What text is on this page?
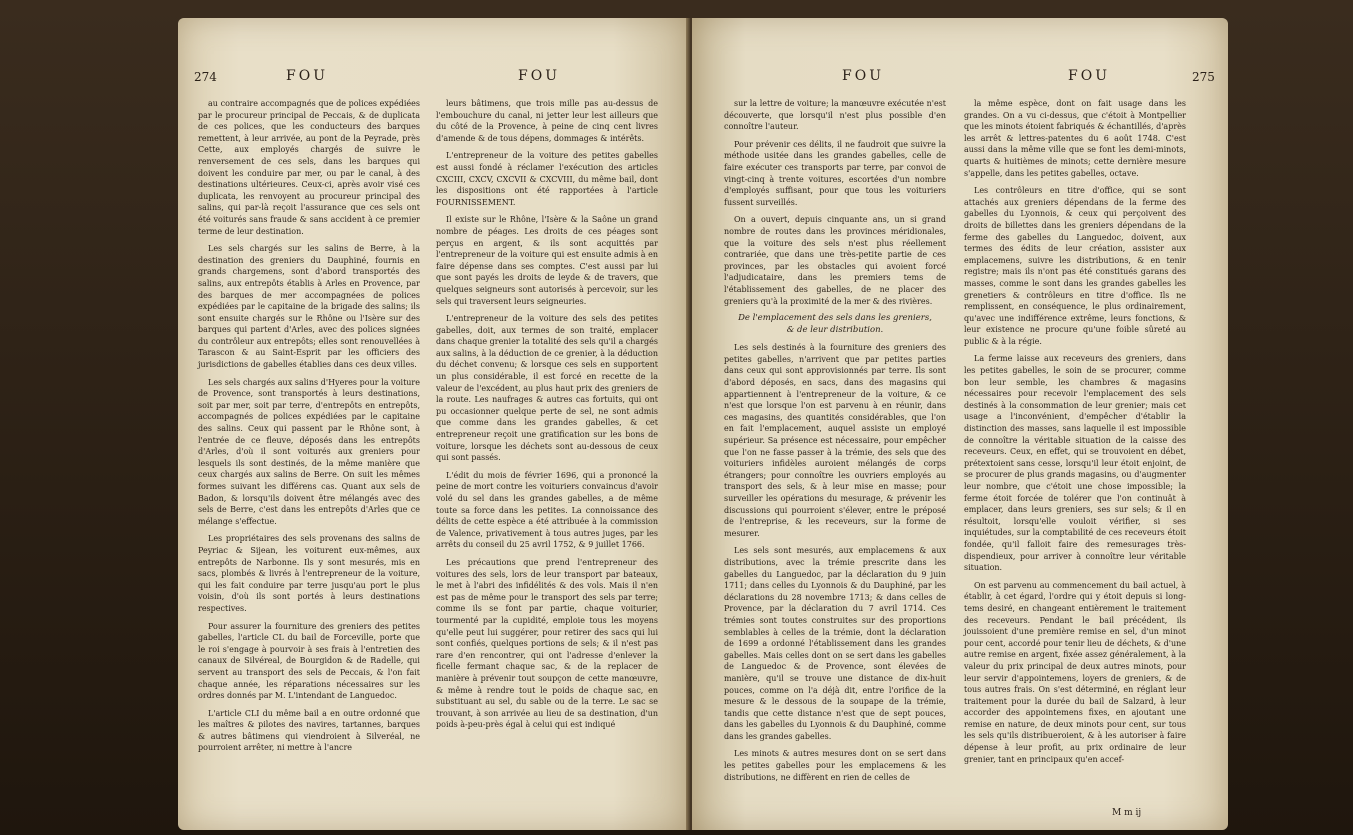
274	FOU	FOU

au contraire accompagnés que de polices expédiées par le procureur principal de Peccais, & de duplicata de ces polices, que les conducteurs des barques remettent, à leur arrivée, au pont de la Peyrade, près Cette, aux employés chargés de suivre le renversement de ces sels, dans les barques qui doivent les conduire par mer, ou par le canal, à des destinations ultérieures. Ceux-ci, après avoir visé ces duplicata, les renvoyent au procureur principal des salins, qui par-là reçoit l'assurance que ces sels ont été voiturés sans fraude & sans accident à ce premier terme de leur destination.

Les sels chargés sur les salins de Berre, à la destination des greniers du Dauphiné, fournis en grands chargemens, sont d'abord transportés des salins, aux entrepôts établis à Arles en Provence, par des barques de mer accompagnées de polices expédiées par le capitaine de la brigade des salins; ils sont ensuite chargés sur le Rhône ou l'Isère sur des barques qui partent d'Arles, avec des polices signées du contrôleur aux entrepôts; elles sont renouvellées à Tarascon & au Saint-Esprit par les officiers des jurisdictions de gabelles établies dans ces deux villes.

Les sels chargés aux salins d'Hyeres pour la voiture de Provence, sont transportés à leurs destinations, soit par mer, soit par terre, d'entrepôts en entrepôts, accompagnés de polices expédiées par le capitaine des salins. Ceux qui passent par le Rhône sont, à l'entrée de ce fleuve, déposés dans les entrepôts d'Arles, d'où il sont voiturés aux greniers pour lesquels ils sont destinés, de la même manière que ceux chargés aux salins de Berre. On suit les mêmes formes suivant les différens cas. Quant aux sels de Badon, & lorsqu'ils doivent être mélangés avec des sels de Berre, c'est dans les entrepôts d'Arles que ce mélange s'effectue.

Les propriétaires des sels provenans des salins de Peyriac & Sijean, les voiturent eux-mêmes, aux entrepôts de Narbonne. Ils y sont mesurés, mis en sacs, plombés & livrés à l'entrepreneur de la voiture, qui les fait conduire par terre jusqu'au port le plus voisin, d'où ils sont portés à leurs destinations respectives.

Pour assurer la fourniture des greniers des petites gabelles, l'article CL du bail de Forceville, porte que le roi s'engage à pourvoir à ses frais à l'entretien des canaux de Silvéreal, de Bourgidon & de Radelle, qui servent au transport des sels de Peccais, & l'on fait chaque année, les réparations nécessaires sur les ordres donnés par M. L'intendant de Languedoc.

L'article CLI du même bail a en outre ordonné que les maîtres & pilotes des navires, tartannes, barques & autres bâtimens qui viendroient à Silveréal, ne pourroient arrêter, ni mettre à l'ancre

leurs bâtimens, que trois mille pas au-dessus de l'embouchure du canal, ni jetter leur lest ailleurs que du côté de la Provence, à peine de cinq cent livres d'amende & de tous dépens, dommages & intérêts.

L'entrepreneur de la voiture des petites gabelles est aussi fondé à réclamer l'exécution des articles CXCIII, CXCV, CXCVII & CXCVIII, du même bail, dont les dispositions ont été rapportées à l'article FOURNISSEMENT.

Il existe sur le Rhône, l'Isère & la Saône un grand nombre de péages. Les droits de ces péages sont perçus en argent, & ils sont acquittés par l'entrepreneur de la voiture qui est ensuite admis à en faire dépense dans ses comptes. C'est aussi par lui que sont payés les droits de leyde & de travers, que quelques seigneurs sont autorisés à percevoir, sur les sels qui traversent leurs seigneuries.

L'entrepreneur de la voiture des sels des petites gabelles, doit, aux termes de son traité, emplacer dans chaque grenier la totalité des sels qu'il a chargés aux salins, à la déduction de ce grenier, à la déduction du déchet convenu; & lorsque ces sels en supportent un plus considérable, il est forcé en recette de la valeur de l'excédent, au plus haut prix des greniers de la route. Les naufrages & autres cas fortuits, qui ont pu occasionner quelque perte de sel, ne sont admis que comme dans les grandes gabelles, & cet entrepreneur reçoit une gratification sur les bons de voiture, lorsque les déchets sont au-dessous de ceux qui sont passés.

L'édit du mois de février 1696, qui a prononcé la peine de mort contre les voituriers convaincus d'avoir volé du sel dans les grandes gabelles, a de même toute sa force dans les petites. La connoissance des délits de cette espèce a été attribuée à la commission de Valence, privativement à tous autres juges, par les arrêts du conseil du 25 avril 1752, & 9 juillet 1766.

Les précautions que prend l'entrepreneur des voitures des sels, lors de leur transport par bateaux, le met à l'abri des infidélités & des vols. Mais il n'en est pas de même pour le transport des sels par terre; comme ils se font par partie, chaque voiturier, tourmenté par la cupidité, emploie tous les moyens qu'elle peut lui suggérer, pour retirer des sacs qui lui sont confiés, quelques portions de sels; & il n'est pas rare d'en rencontrer, qui ont l'adresse d'enlever la ficelle fermant chaque sac, & de la replacer de manière à prévenir tout soupçon de cette manœuvre, & même à rendre tout le poids de chaque sac, en substituant au sel, du sable ou de la terre. Le sac se trouvant, à son arrivée au lieu de sa destination, d'un poids à-peu-près égal à celui qui est indiqué

FOU	FOU	275

sur la lettre de voiture; la manœuvre exécutée n'est découverte, que lorsqu'il n'est plus possible d'en connoître l'auteur.

Pour prévenir ces délits, il ne faudroit que suivre la méthode usitée dans les grandes gabelles, celle de faire exécuter ces transports par terre, par convoi de vingt-cinq à trente voitures, escortées d'un nombre d'employés suffisant, pour que tous les voituriers fussent surveillés.

On a ouvert, depuis cinquante ans, un si grand nombre de routes dans les provinces méridionales, que la voiture des sels n'est plus réellement contrariée, que dans une très-petite partie de ces provinces, par les obstacles qui avoient forcé l'adjudicataire, dans les premiers tems de l'établissement des gabelles, de ne placer des greniers qu'à la proximité de la mer & des rivières.

De l'emplacement des sels dans les greniers,
& de leur distribution.

Les sels destinés à la fourniture des greniers des petites gabelles, n'arrivent que par petites parties dans ceux qui sont approvisionnés par terre. Ils sont d'abord déposés, en sacs, dans des magasins qui appartiennent à l'entrepreneur de la voiture, & ce n'est que lorsque l'on est parvenu à en réunir, dans ces magasins, des quantités considérables, que l'on en fait l'emplacement, auquel assiste un employé supérieur. Sa présence est nécessaire, pour empêcher que l'on ne fasse passer à la trémie, des sels que des voituriers infidèles auroient mélangés de corps étrangers; pour connoître les ouvriers employés au transport des sels, & à leur mise en masse; pour surveiller les opérations du mesurage, & prévenir les discussions qui pourroient s'élever, entre le préposé de l'entreprise, & les receveurs, sur la forme de mesurer.

Les sels sont mesurés, aux emplacemens & aux distributions, avec la trémie prescrite dans les gabelles du Languedoc, par la déclaration du 9 juin 1711; dans celles du Lyonnois & du Dauphiné, par les déclarations du 28 novembre 1713; & dans celles de Provence, par la déclaration du 7 avril 1714. Ces trémies sont toutes construites sur des proportions semblables à celles de la trémie, dont la déclaration de 1699 a ordonné l'établissement dans les grandes gabelles. Mais celles dont on se sert dans les gabelles de Languedoc & de Provence, sont élevées de manière, qu'il se trouve une distance de dix-huit pouces, comme on l'a déjà dit, entre l'orifice de la mesure & le dessous de la soupape de la trémie, tandis que cette distance n'est que de sept pouces, dans les gabelles du Lyonnois & du Dauphiné, comme dans les grandes gabelles.

Les minots & autres mesures dont on se sert dans les petites gabelles pour les emplacemens & les distributions, ne diffèrent en rien de celles de

la même espèce, dont on fait usage dans les grandes. On a vu ci-dessus, que c'étoit à Montpellier que les minots étoient fabriqués & échantillés, d'après les arrêt & lettres-patentes du 6 août 1748. C'est aussi dans la même ville que se font les demi-minots, quarts & huitièmes de minots; cette dernière mesure s'appelle, dans les petites gabelles, octave.

Les contrôleurs en titre d'office, qui se sont attachés aux greniers dépendans de la ferme des gabelles du Lyonnois, & ceux qui perçoivent des droits de billettes dans les greniers dépendans de la ferme des gabelles du Languedoc, doivent, aux termes des édits de leur création, assister aux emplacemens, suivre les distributions, & en tenir registre; mais ils n'ont pas été constitués garans des masses, comme le sont dans les grandes gabelles les grenetiers & contrôleurs en titre d'office. Ils ne remplissent, en conséquence, le plus ordinairement, qu'avec une indifférence extrême, leurs fonctions, & leur existence ne procure qu'une foible sûreté au public & à la régie.

La ferme laisse aux receveurs des greniers, dans les petites gabelles, le soin de se procurer, comme bon leur semble, les chambres & magasins nécessaires pour recevoir l'emplacement des sels destinés à la consommation de leur grenier; mais cet usage a l'inconvénient, d'empêcher d'établir la distinction des masses, sans laquelle il est impossible de connoître la véritable situation de la caisse des receveurs. Ceux, en effet, qui se trouvoient en débet, prétextoient sans cesse, lorsqu'il leur étoit enjoint, de se procurer de plus grands magasins, ou d'augmenter leur nombre, que c'étoit une chose impossible; la ferme étoit forcée de tolérer que l'on continuât à emplacer, dans leurs greniers, ses sur sels; & il en résultoit, lorsqu'elle vouloit vérifier, si ses inquiétudes, sur la comptabilité de ces receveurs étoit fondée, qu'il falloit faire des remesurages très-dispendieux, pour arriver à connoître leur véritable situation.

On est parvenu au commencement du bail actuel, à établir, à cet égard, l'ordre qui y étoit depuis si long-tems desiré, en changeant entièrement le traitement des receveurs. Pendant le bail précédent, ils jouissoient d'une première remise en sel, d'un minot pour cent, accordé pour tenir lieu de déchets, & d'une autre remise en argent, fixée assez généralement, à la valeur du prix principal de deux autres minots, pour leur servir d'appointemens, loyers de greniers, & de tous autres frais. On s'est déterminé, en réglant leur traitement pour la durée du bail de Salzard, à leur accorder des appointemens fixes, en ajoutant une remise en nature, de deux minots pour cent, sur tous les sels qu'ils distribueroient, & à les autoriser à faire dépense à leur profit, au prix ordinaire de leur grenier, tant en principaux qu'en accef-

M m ij
